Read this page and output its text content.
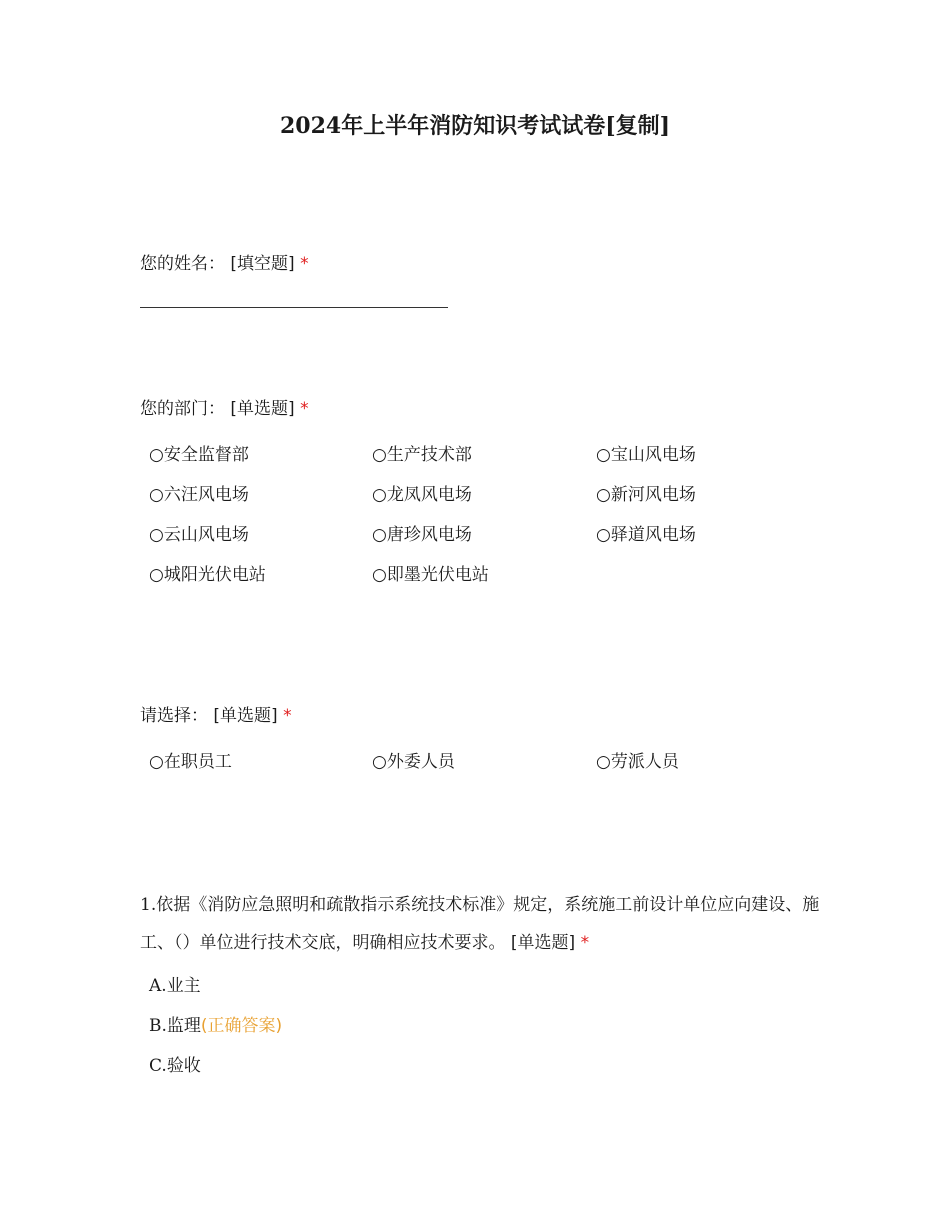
2024年上半年消防知识考试试卷[复制]
您的姓名： [填空题] *
您的部门： [单选题] *
○安全监督部	○生产技术部	○宝山风电场
○六汪风电场	○龙凤风电场	○新河风电场
○云山风电场	○唐珍风电场	○驿道风电场
○城阳光伏电站	○即墨光伏电站
请选择： [单选题] *
○在职员工	○外委人员	○劳派人员
1.依据《消防应急照明和疏散指示系统技术标准》规定，系统施工前设计单位应向建设、施工、（）单位进行技术交底，明确相应技术要求。 [单选题] *
A.业主
B.监理(正确答案)
C.验收
